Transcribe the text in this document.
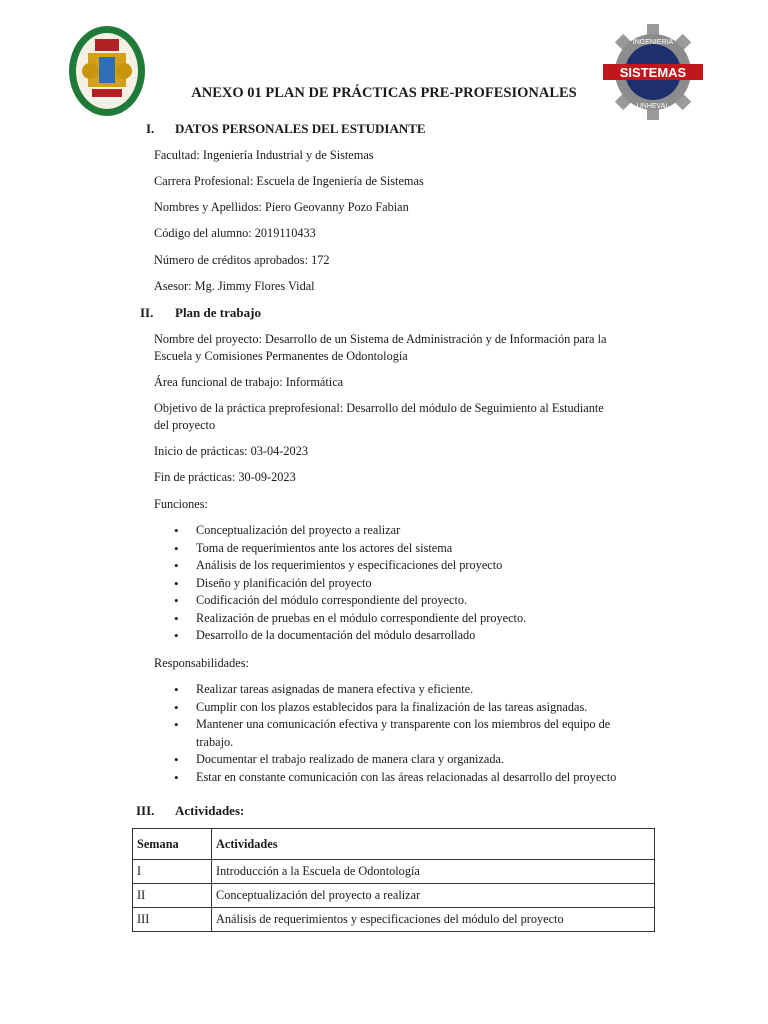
INGENIERIA
UNHEVAL
SISTEMAS
ANEXO 01 PLAN DE PRÁCTICAS PRE-PROFESIONALES
I. DATOS PERSONALES DEL ESTUDIANTE
Facultad: Ingeniería Industrial y de Sistemas
Carrera Profesional: Escuela de Ingeniería de Sistemas
Nombres y Apellidos: Piero Geovanny Pozo Fabian
Código del alumno: 2019110433
Número de créditos aprobados: 172
Asesor: Mg. Jimmy Flores Vidal
II. Plan de trabajo
Nombre del proyecto: Desarrollo de un Sistema de Administración y de Información para la
Escuela y Comisiones Permanentes de Odontología
Área funcional de trabajo: Informática
Objetivo de la práctica preprofesional: Desarrollo del módulo de Seguimiento al Estudiante
del proyecto
Inicio de prácticas: 03-04-2023
Fin de prácticas: 30-09-2023
Funciones:
• Conceptualización del proyecto a realizar
• Toma de requerimientos ante los actores del sistema
• Análisis de los requerimientos y especificaciones del proyecto
• Diseño y planificación del proyecto
• Codificación del módulo correspondiente del proyecto.
• Realización de pruebas en el módulo correspondiente del proyecto.
• Desarrollo de la documentación del módulo desarrollado
Responsabilidades:
• Realizar tareas asignadas de manera efectiva y eficiente.
• Cumplir con los plazos establecidos para la finalización de las tareas asignadas.
• Mantener una comunicación efectiva y transparente con los miembros del equipo de trabajo.
• Documentar el trabajo realizado de manera clara y organizada.
• Estar en constante comunicación con las áreas relacionadas al desarrollo del proyecto
III. Actividades:
Semana	Actividades
I	Introducción a la Escuela de Odontología
II	Conceptualización del proyecto a realizar
III	Análisis de requerimientos y especificaciones del módulo del proyecto
